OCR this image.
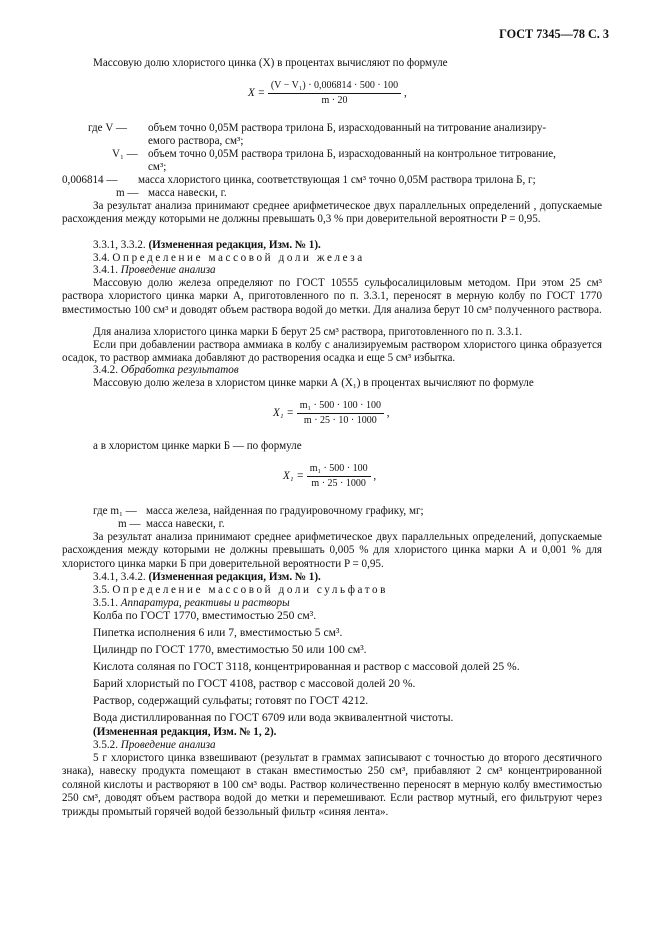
ГОСТ 7345—78 С. 3
Массовую долю хлористого цинка (X) в процентах вычисляют по формуле
$X = \frac{\text{(V − V₁) · 0,006814 · 500 · 100}}{m \cdot 20}$ ,
где V — объем точно 0,05М раствора трилона Б, израсходованный на титрование анализиру-
емого раствора, см³;
V₁ — объем точно 0,05М раствора трилона Б, израсходованный на контрольное титрование,
см³;
0,006814 — масса хлористого цинка, соответствующая 1 см³ точно 0,05М раствора трилона Б, г;
m — масса навески, г.
За результат анализа принимают среднее арифметическое двух параллельных определений , допускаемые расхождения между которыми не должны превышать 0,3 % при доверительной вероятности P = 0,95.
3.3.1, 3.3.2. (Измененная редакция, Изм. № 1).
3.4. Определение массовой доли железа
3.4.1. Проведение анализа
Массовую долю железа определяют по ГОСТ 10555 сульфосалициловым методом. При этом 25 см³ раствора хлористого цинка марки А, приготовленного по п. 3.3.1, переносят в мерную колбу по ГОСТ 1770 вместимостью 100 см³ и доводят объем раствора водой до метки. Для анализа берут 10 см³ полученного раствора.
Для анализа хлористого цинка марки Б берут 25 см³ раствора, приготовленного по п. 3.3.1.
Если при добавлении раствора аммиака в колбу с анализируемым раствором хлористого цинка образуется осадок, то раствор аммиака добавляют до растворения осадка и еще 5 см³ избытка.
3.4.2. Обработка результатов
Массовую долю железа в хлористом цинке марки А (X₁) в процентах вычисляют по формуле
$X_1 = \frac{\text{m₁ · 500 · 100 · 100}}{m \cdot 25 \cdot 10 \cdot 1000}$ ,
а в хлористом цинке марки Б — по формуле
$X_1 = \frac{\text{m₁ · 500 · 100}}{m \cdot 25 \cdot 1000}$ ,
где m₁ — масса железа, найденная по градуировочному графику, мг;
m — масса навески, г.
За результат анализа принимают среднее арифметическое двух параллельных определений, допускаемые расхождения между которыми не должны превышать 0,005 % для хлористого цинка марки А и 0,001 % для хлористого цинка марки Б при доверительной вероятности P = 0,95.
3.4.1, 3.4.2. (Измененная редакция, Изм. № 1).
3.5. Определение массовой доли сульфатов
3.5.1. Аппаратура, реактивы и растворы
Колба по ГОСТ 1770, вместимостью 250 см³.
Пипетка исполнения 6 или 7, вместимостью 5 см³.
Цилиндр по ГОСТ 1770, вместимостью 50 или 100 см³.
Кислота соляная по ГОСТ 3118, концентрированная и раствор с массовой долей 25 %.
Барий хлористый по ГОСТ 4108, раствор с массовой долей 20 %.
Раствор, содержащий сульфаты; готовят по ГОСТ 4212.
Вода дистиллированная по ГОСТ 6709 или вода эквивалентной чистоты.
(Измененная редакция, Изм. № 1, 2).
3.5.2. Проведение анализа
5 г хлористого цинка взвешивают (результат в граммах записывают с точностью до второго десятичного знака), навеску продукта помещают в стакан вместимостью 250 см³, прибавляют 2 см³ концентрированной соляной кислоты и растворяют в 100 см³ воды. Раствор количественно переносят в мерную колбу вместимостью 250 см³, доводят объем раствора водой до метки и перемешивают. Если раствор мутный, его фильтруют через трижды промытый горячей водой беззольный фильтр «синяя лента».
